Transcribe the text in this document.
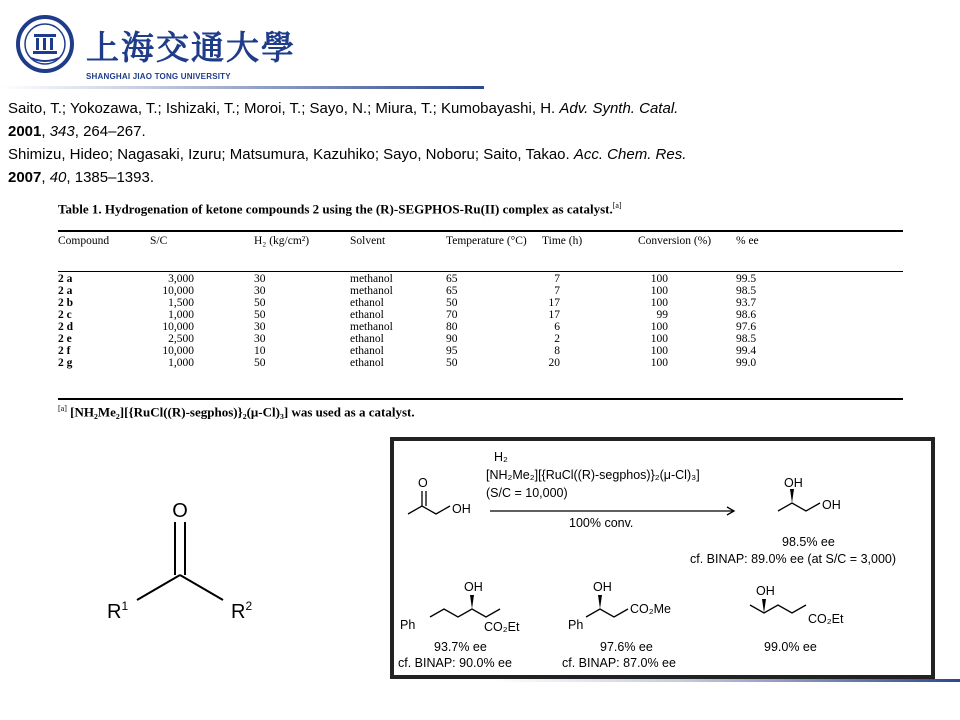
上海交通大學
SHANGHAI JIAO TONG UNIVERSITY
Saito, T.; Yokozawa, T.; Ishizaki, T.; Moroi, T.; Sayo, N.; Miura, T.; Kumobayashi, H. Adv. Synth. Catal.
2001, 343, 264–267.
Shimizu, Hideo; Nagasaki, Izuru; Matsumura, Kazuhiko; Sayo, Noboru; Saito, Takao. Acc. Chem. Res.
2007, 40, 1385–1393.
Table 1. Hydrogenation of ketone compounds 2 using the (R)-SEGPHOS-Ru(II) complex as catalyst.[a]
Compound	S/C	H₂ (kg/cm²)	Solvent	Temperature (°C)	Time (h)	Conversion (%)	% ee
2 a	3,000	30	methanol	65	7	100	99.5
2 a	10,000	30	methanol	65	7	100	98.5
2 b	1,500	50	ethanol	50	17	100	93.7
2 c	1,000	50	ethanol	70	17	99	98.6
2 d	10,000	30	methanol	80	6	100	97.6
2 e	2,500	30	ethanol	90	2	100	98.5
2 f	10,000	10	ethanol	95	8	100	99.4
2 g	1,000	50	ethanol	50	20	100	99.0
[a] [NH₂Me₂][{RuCl((R)-segphos)}₂(μ-Cl)₃] was used as a catalyst.
O
$R^1$	$R^2$
O
OH
H₂
[NH₂Me₂][{RuCl((R)-segphos)}₂(μ-Cl)₃]
(S/C = 10,000)
100% conv.
OH
OH
98.5% ee
cf. BINAP: 89.0% ee (at S/C = 3,000)
OH
Ph	CO₂Et
93.7% ee
cf. BINAP: 90.0% ee
OH
Ph
CO₂Me
97.6% ee
cf. BINAP: 87.0% ee
OH
CO₂Et
99.0% ee
